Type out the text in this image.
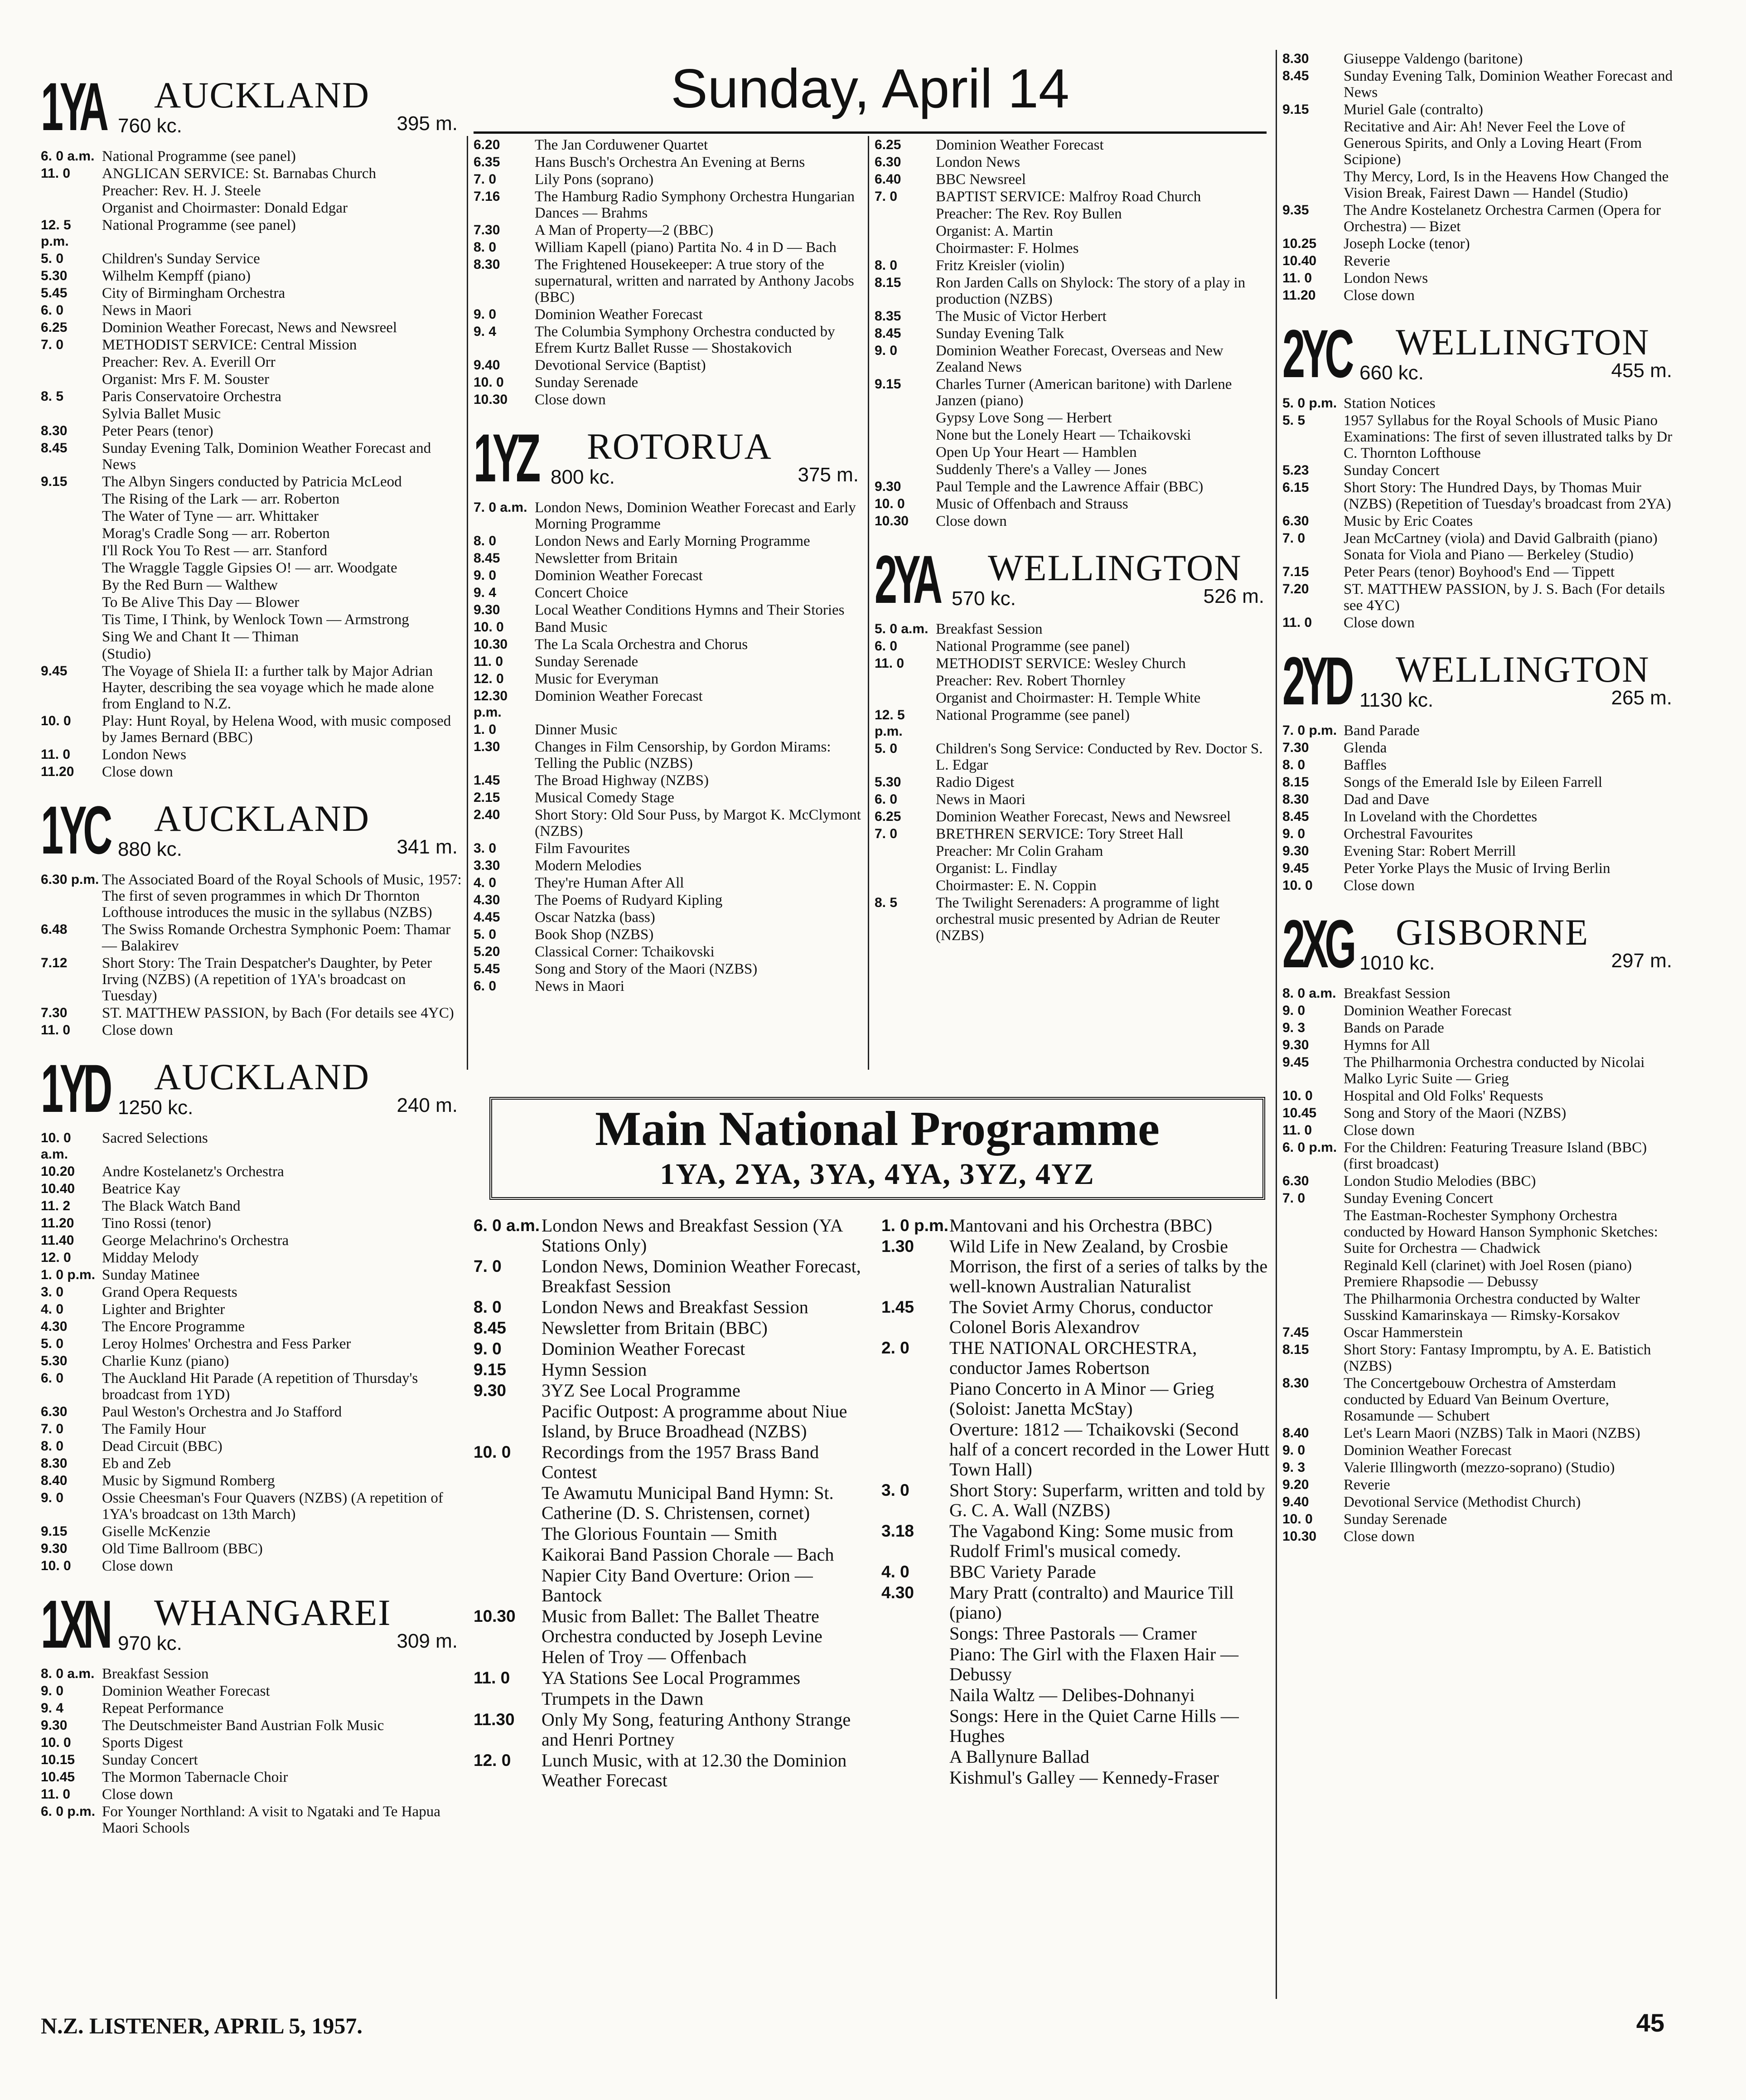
Sunday, April 14
1YA AUCKLAND
760 kc.	395 m.
6. 0 a.m. National Programme (see panel)
11. 0	ANGLICAN SERVICE: St. Barnabas Church
Preacher: Rev. H. J. Steele
Organist and Choirmaster: Donald Edgar
12. 5 p.m.
National Programme (see panel)
5. 0	Children's Sunday Service
5.30	Wilhelm Kempff (piano)
5.45	City of Birmingham Orchestra
6. 0	News in Maori
6.25	Dominion Weather Forecast, News and Newsreel
7. 0	METHODIST SERVICE: Central Mission
Preacher: Rev. A. Everill Orr
Organist: Mrs F. M. Souster
8. 5	Paris Conservatoire Orchestra
Sylvia Ballet Music
8.30	Peter Pears (tenor)
8.45	Sunday Evening Talk, Dominion Weather Forecast and News
9.15	The Albyn Singers conducted by Patricia McLeod
The Rising of the Lark — arr. Roberton
The Water of Tyne — arr. Whittaker
Morag's Cradle Song — arr. Roberton
I'll Rock You To Rest — arr. Stanford
The Wraggle Taggle Gipsies O! — arr. Woodgate
By the Red Burn — Walthew
To Be Alive This Day — Blower
Tis Time, I Think, by Wenlock Town — Armstrong
Sing We and Chant It — Thiman
(Studio)
9.45	The Voyage of Shiela II: a further talk by Major Adrian Hayter, describing the sea voyage which he made alone from England to N.Z.
10. 0	Play: Hunt Royal, by Helena Wood, with music composed by James Bernard (BBC)
11. 0	London News
11.20	Close down
1YC AUCKLAND
880 kc.	341 m.
6.30 p.m. The Associated Board of the Royal Schools of Music, 1957: The first of seven programmes in which Dr Thornton Lofthouse introduces the music in the syllabus (NZBS)
6.48	The Swiss Romande Orchestra Symphonic Poem: Thamar — Balakirev
7.12	Short Story: The Train Despatcher's Daughter, by Peter Irving (NZBS) (A repetition of 1YA's broadcast on Tuesday)
7.30	ST. MATTHEW PASSION, by Bach (For details see 4YC)
11. 0	Close down
1YD AUCKLAND
1250 kc.	240 m.
10. 0 a.m.
Sacred Selections
10.20	Andre Kostelanetz's Orchestra
10.40	Beatrice Kay
11. 2	The Black Watch Band
11.20	Tino Rossi (tenor)
11.40	George Melachrino's Orchestra
12. 0	Midday Melody
1. 0 p.m. Sunday Matinee
3. 0	Grand Opera Requests
4. 0	Lighter and Brighter
4.30	The Encore Programme
5. 0	Leroy Holmes' Orchestra and Fess Parker
5.30	Charlie Kunz (piano)
6. 0	The Auckland Hit Parade (A repetition of Thursday's broadcast from 1YD)
6.30	Paul Weston's Orchestra and Jo Stafford
7. 0	The Family Hour
8. 0	Dead Circuit (BBC)
8.30	Eb and Zeb
8.40	Music by Sigmund Romberg
9. 0	Ossie Cheesman's Four Quavers (NZBS) (A repetition of 1YA's broadcast on 13th March)
9.15	Giselle McKenzie
9.30	Old Time Ballroom (BBC)
10. 0	Close down
1XN WHANGAREI
970 kc.	309 m.
8. 0 a.m. Breakfast Session
9. 0	Dominion Weather Forecast
9. 4	Repeat Performance
9.30	The Deutschmeister Band Austrian Folk Music
10. 0	Sports Digest
10.15	Sunday Concert
10.45	The Mormon Tabernacle Choir
11. 0	Close down
6. 0 p.m. For Younger Northland: A visit to Ngataki and Te Hapua Maori Schools
6.20	The Jan Corduwener Quartet
6.35	Hans Busch's Orchestra An Evening at Berns
7. 0	Lily Pons (soprano)
7.16	The Hamburg Radio Symphony Orchestra Hungarian Dances — Brahms
7.30	A Man of Property—2 (BBC)
8. 0	William Kapell (piano) Partita No. 4 in D — Bach
8.30	The Frightened Housekeeper: A true story of the supernatural, written and narrated by Anthony Jacobs (BBC)
9. 0	Dominion Weather Forecast
9. 4	The Columbia Symphony Orchestra conducted by Efrem Kurtz Ballet Russe — Shostakovich
9.40	Devotional Service (Baptist)
10. 0	Sunday Serenade
10.30	Close down
1YZ ROTORUA
800 kc.	375 m.
7. 0 a.m. London News, Dominion Weather Forecast and Early Morning Programme
8. 0	London News and Early Morning Programme
8.45	Newsletter from Britain
9. 0	Dominion Weather Forecast
9. 4	Concert Choice
9.30	Local Weather Conditions Hymns and Their Stories
10. 0	Band Music
10.30	The La Scala Orchestra and Chorus
11. 0	Sunday Serenade
12. 0	Music for Everyman
12.30 p.m.
Dominion Weather Forecast
1. 0	Dinner Music
1.30	Changes in Film Censorship, by Gordon Mirams: Telling the Public (NZBS)
1.45	The Broad Highway (NZBS)
2.15	Musical Comedy Stage
2.40	Short Story: Old Sour Puss, by Margot K. McClymont (NZBS)
3. 0	Film Favourites
3.30	Modern Melodies
4. 0	They're Human After All
4.30	The Poems of Rudyard Kipling
4.45	Oscar Natzka (bass)
5. 0	Book Shop (NZBS)
5.20	Classical Corner: Tchaikovski
5.45	Song and Story of the Maori (NZBS)
6. 0	News in Maori
6.25	Dominion Weather Forecast
6.30	London News
6.40	BBC Newsreel
7. 0	BAPTIST SERVICE: Malfroy Road Church
Preacher: The Rev. Roy Bullen
Organist: A. Martin
Choirmaster: F. Holmes
8. 0	Fritz Kreisler (violin)
8.15	Ron Jarden Calls on Shylock: The story of a play in production (NZBS)
8.35	The Music of Victor Herbert
8.45	Sunday Evening Talk
9. 0	Dominion Weather Forecast, Overseas and New Zealand News
9.15	Charles Turner (American baritone) with Darlene Janzen (piano)
Gypsy Love Song — Herbert
None but the Lonely Heart — Tchaikovski
Open Up Your Heart — Hamblen
Suddenly There's a Valley — Jones
9.30	Paul Temple and the Lawrence Affair (BBC)
10. 0	Music of Offenbach and Strauss
10.30	Close down
2YA WELLINGTON
570 kc.	526 m.
5. 0 a.m. Breakfast Session
6. 0	National Programme (see panel)
11. 0	METHODIST SERVICE: Wesley Church
Preacher: Rev. Robert Thornley
Organist and Choirmaster: H. Temple White
12. 5 p.m.
National Programme (see panel)
5. 0	Children's Song Service: Conducted by Rev. Doctor S. L. Edgar
5.30	Radio Digest
6. 0	News in Maori
6.25	Dominion Weather Forecast, News and Newsreel
7. 0	BRETHREN SERVICE: Tory Street Hall
Preacher: Mr Colin Graham
Organist: L. Findlay
Choirmaster: E. N. Coppin
8. 5	The Twilight Serenaders: A programme of light orchestral music presented by Adrian de Reuter (NZBS)
8.30	Giuseppe Valdengo (baritone)
8.45	Sunday Evening Talk, Dominion Weather Forecast and News
9.15	Muriel Gale (contralto)
Recitative and Air: Ah! Never Feel the Love of Generous Spirits, and Only a Loving Heart (From Scipione)
Thy Mercy, Lord, Is in the Heavens How Changed the Vision Break, Fairest Dawn — Handel (Studio)
9.35	The Andre Kostelanetz Orchestra Carmen (Opera for Orchestra) — Bizet
10.25	Joseph Locke (tenor)
10.40	Reverie
11. 0	London News
11.20	Close down
2YC WELLINGTON
660 kc.	455 m.
5. 0 p.m. Station Notices
5. 5	1957 Syllabus for the Royal Schools of Music Piano Examinations: The first of seven illustrated talks by Dr C. Thornton Lofthouse
5.23	Sunday Concert
6.15	Short Story: The Hundred Days, by Thomas Muir (NZBS) (Repetition of Tuesday's broadcast from 2YA)
6.30	Music by Eric Coates
7. 0	Jean McCartney (viola) and David Galbraith (piano) Sonata for Viola and Piano — Berkeley (Studio)
7.15	Peter Pears (tenor) Boyhood's End — Tippett
7.20	ST. MATTHEW PASSION, by J. S. Bach (For details see 4YC)
11. 0	Close down
2YD WELLINGTON
1130 kc.	265 m.
7. 0 p.m. Band Parade
7.30	Glenda
8. 0	Baffles
8.15	Songs of the Emerald Isle by Eileen Farrell
8.30	Dad and Dave
8.45	In Loveland with the Chordettes
9. 0	Orchestral Favourites
9.30	Evening Star: Robert Merrill
9.45	Peter Yorke Plays the Music of Irving Berlin
10. 0	Close down
2XG GISBORNE
1010 kc.	297 m.
8. 0 a.m. Breakfast Session
9. 0	Dominion Weather Forecast
9. 3	Bands on Parade
9.30	Hymns for All
9.45	The Philharmonia Orchestra conducted by Nicolai Malko Lyric Suite — Grieg
10. 0	Hospital and Old Folks' Requests
10.45	Song and Story of the Maori (NZBS)
11. 0	Close down
6. 0 p.m. For the Children: Featuring Treasure Island (BBC) (first broadcast)
6.30	London Studio Melodies (BBC)
7. 0	Sunday Evening Concert
The Eastman-Rochester Symphony Orchestra conducted by Howard Hanson Symphonic Sketches: Suite for Orchestra — Chadwick
Reginald Kell (clarinet) with Joel Rosen (piano) Premiere Rhapsodie — Debussy
The Philharmonia Orchestra conducted by Walter Susskind Kamarinskaya — Rimsky-Korsakov
7.45	Oscar Hammerstein
8.15	Short Story: Fantasy Impromptu, by A. E. Batistich (NZBS)
8.30	The Concertgebouw Orchestra of Amsterdam conducted by Eduard Van Beinum Overture, Rosamunde — Schubert
8.40	Let's Learn Maori (NZBS) Talk in Maori (NZBS)
9. 0	Dominion Weather Forecast
9. 3	Valerie Illingworth (mezzo-soprano) (Studio)
9.20	Reverie
9.40	Devotional Service (Methodist Church)
10. 0	Sunday Serenade
10.30	Close down
Main National Programme
1YA, 2YA, 3YA, 4YA, 3YZ, 4YZ
6. 0 a.m. London News and Breakfast Session (YA Stations Only)
7. 0	London News, Dominion Weather Forecast, Breakfast Session
8. 0	London News and Breakfast Session
8.45	Newsletter from Britain (BBC)
9. 0	Dominion Weather Forecast
9.15	Hymn Session
9.30	3YZ See Local Programme
Pacific Outpost: A programme about Niue Island, by Bruce Broadhead (NZBS)
10. 0	Recordings from the 1957 Brass Band Contest
Te Awamutu Municipal Band Hymn: St. Catherine (D. S. Christensen, cornet)
The Glorious Fountain — Smith
Kaikorai Band Passion Chorale — Bach
Napier City Band Overture: Orion — Bantock
10.30	Music from Ballet: The Ballet Theatre Orchestra conducted by Joseph Levine
Helen of Troy — Offenbach
11. 0	YA Stations See Local Programmes
Trumpets in the Dawn
11.30	Only My Song, featuring Anthony Strange and Henri Portney
12. 0	Lunch Music, with at 12.30 the Dominion Weather Forecast
1. 0 p.m. Mantovani and his Orchestra (BBC)
1.30	Wild Life in New Zealand, by Crosbie Morrison, the first of a series of talks by the well-known Australian Naturalist
1.45	The Soviet Army Chorus, conductor Colonel Boris Alexandrov
2. 0	THE NATIONAL ORCHESTRA, conductor James Robertson
Piano Concerto in A Minor — Grieg (Soloist: Janetta McStay)
Overture: 1812 — Tchaikovski (Second half of a concert recorded in the Lower Hutt Town Hall)
3. 0	Short Story: Superfarm, written and told by G. C. A. Wall (NZBS)
3.18	The Vagabond King: Some music from Rudolf Friml's musical comedy.
4. 0	BBC Variety Parade
4.30	Mary Pratt (contralto) and Maurice Till (piano)
Songs: Three Pastorals — Cramer
Piano: The Girl with the Flaxen Hair — Debussy
Naila Waltz — Delibes-Dohnanyi
Songs: Here in the Quiet Carne Hills — Hughes
A Ballynure Ballad
Kishmul's Galley — Kennedy-Fraser
N.Z. LISTENER, APRIL 5, 1957.	45
